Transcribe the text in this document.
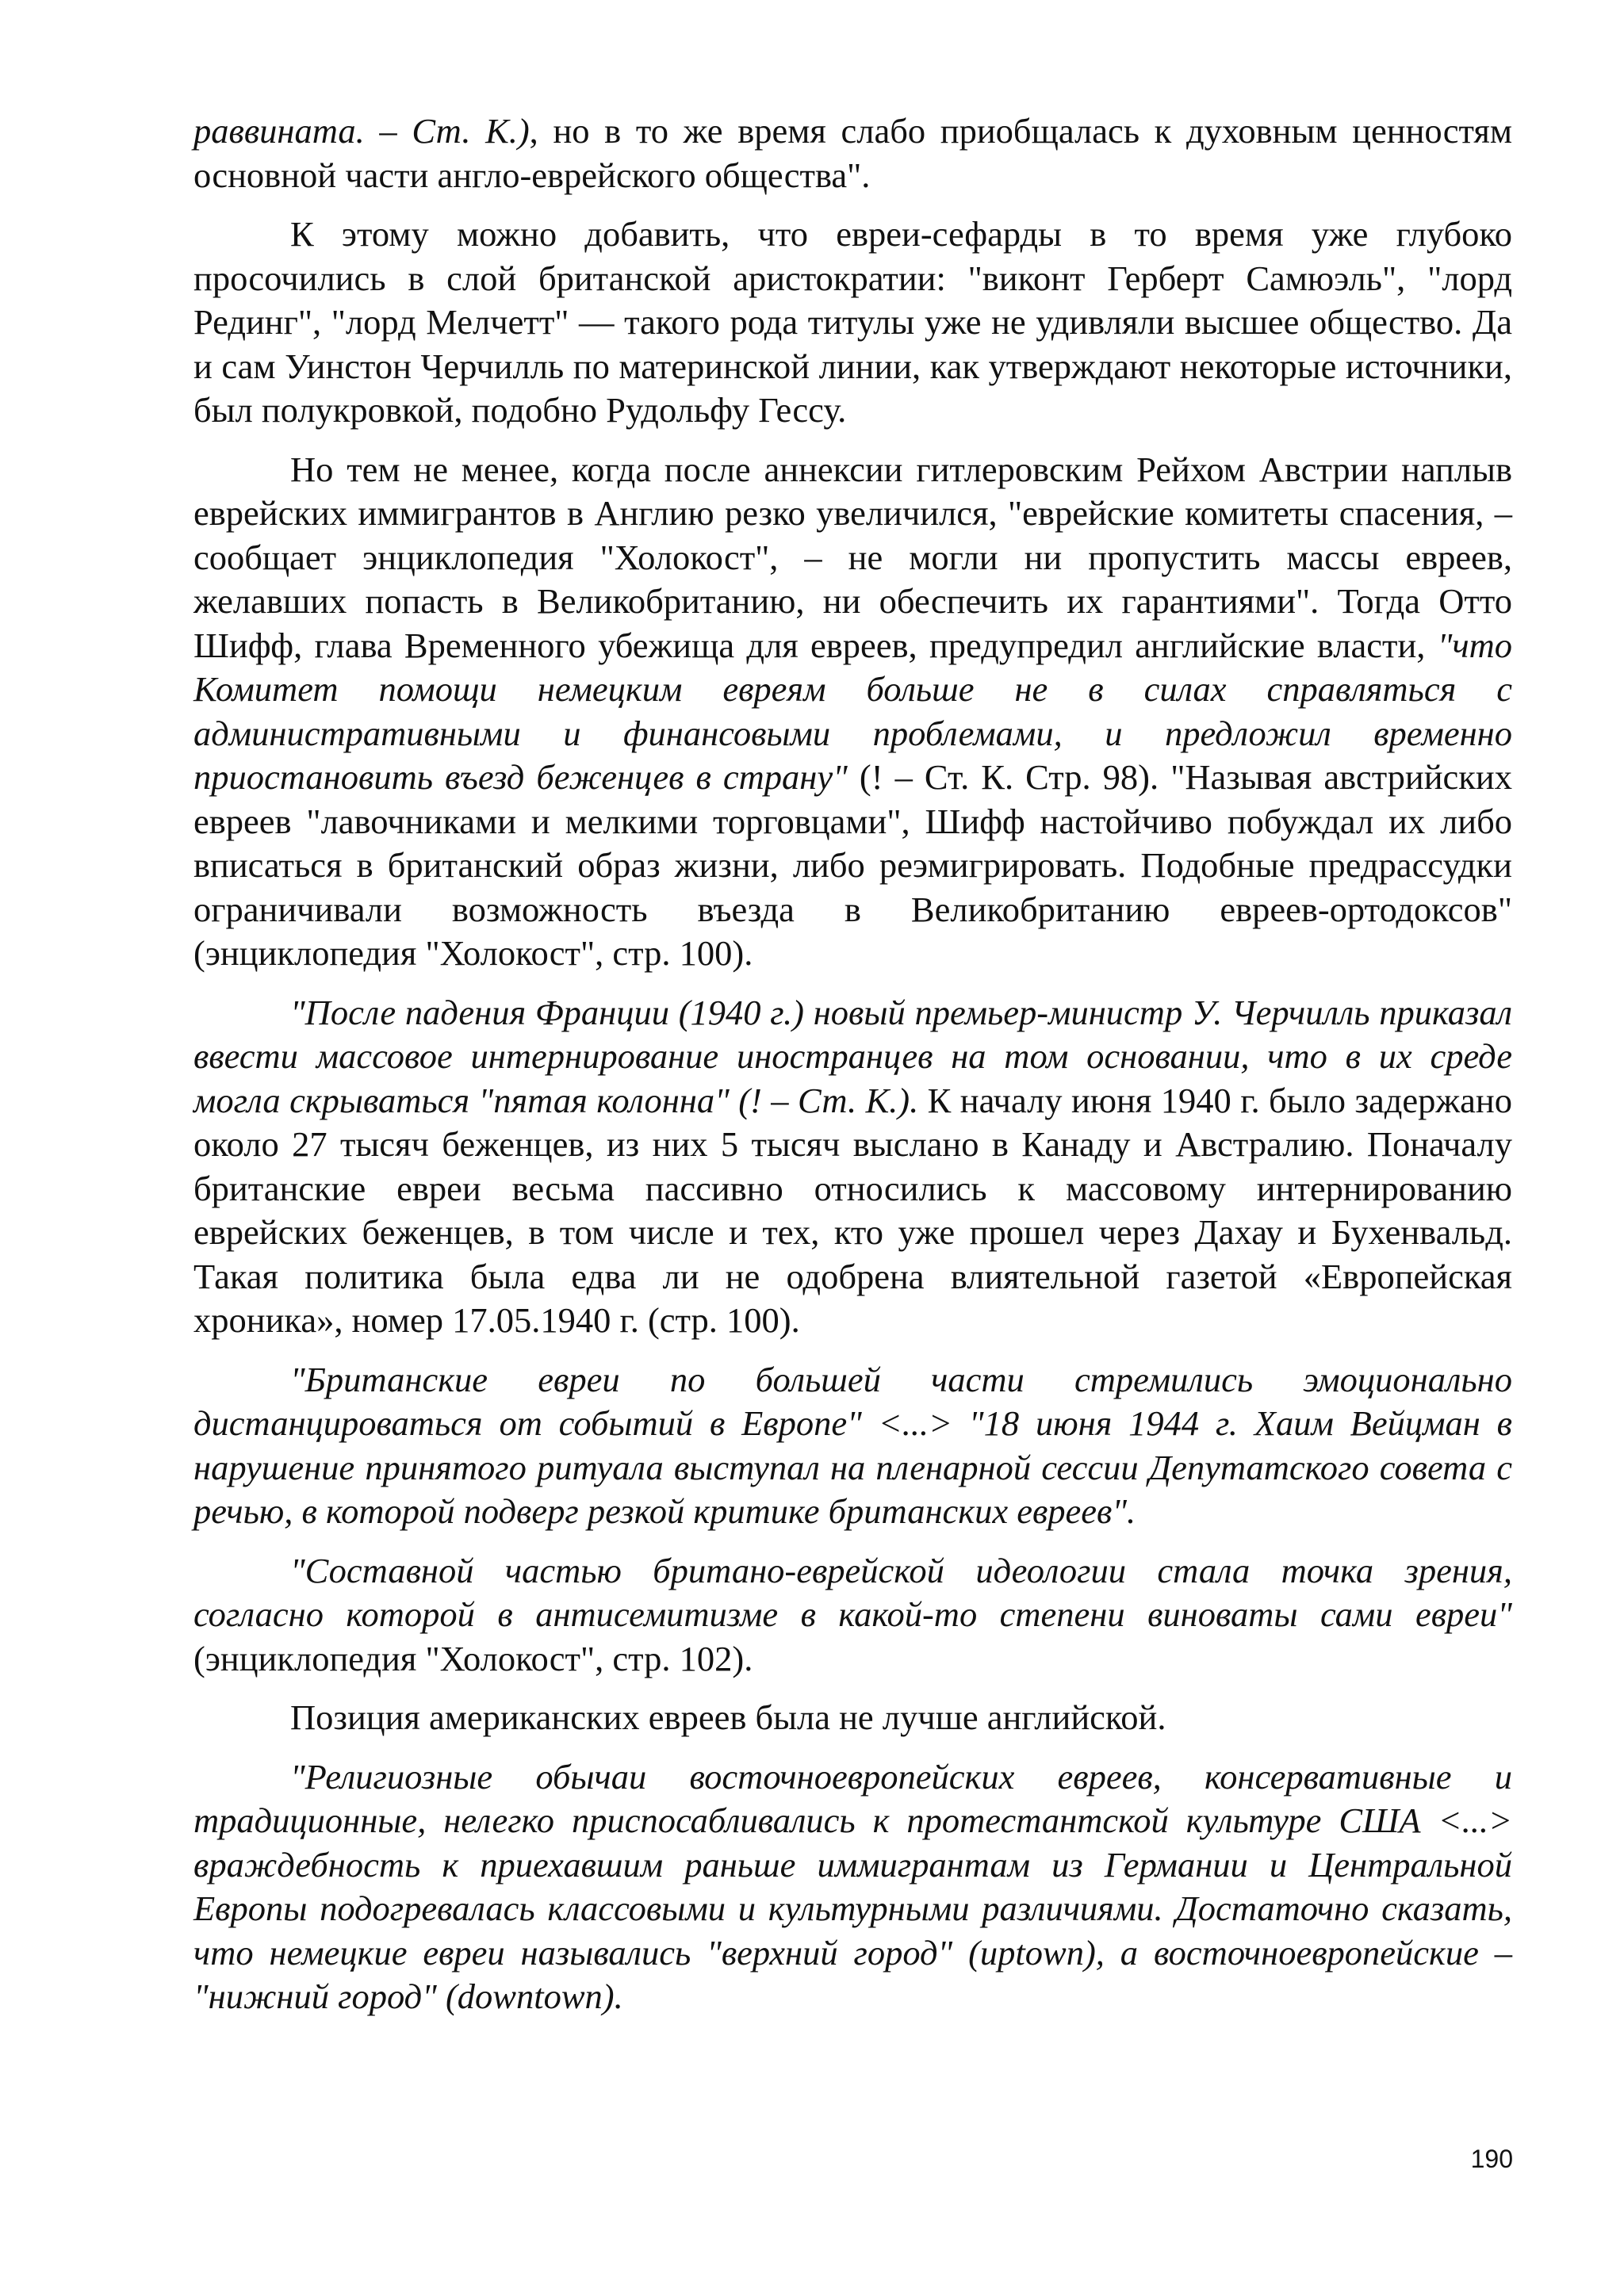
раввината. – Ст. К.), но в то же время слабо приобщалась к духовным ценностям основной части англо-еврейского общества".

К этому можно добавить, что евреи-сефарды в то время уже глубоко просочились в слой британской аристократии: "виконт Герберт Самюэль", "лорд Рединг", "лорд Мелчетт" — такого рода титулы уже не удивляли высшее общество. Да и сам Уинстон Черчилль по материнской линии, как утверждают некоторые источники, был полукровкой, подобно Рудольфу Гессу.

Но тем не менее, когда после аннексии гитлеровским Рейхом Австрии наплыв еврейских иммигрантов в Англию резко увеличился, "еврейские комитеты спасения, – сообщает энциклопедия "Холокост", – не могли ни пропустить массы евреев, желавших попасть в Великобританию, ни обеспечить их гарантиями". Тогда Отто Шифф, глава Временного убежища для евреев, предупредил английские власти, "что Комитет помощи немецким евреям больше не в силах справляться с административными и финансовыми проблемами, и предложил временно приостановить въезд беженцев в страну" (! – Ст. К. Стр. 98). "Называя австрийских евреев "лавочниками и мелкими торговцами", Шифф настойчиво побуждал их либо вписаться в британский образ жизни, либо реэмигрировать. Подобные предрассудки ограничивали возможность въезда в Великобританию евреев-ортодоксов" (энциклопедия "Холокост", стр. 100).

"После падения Франции (1940 г.) новый премьер-министр У. Черчилль приказал ввести массовое интернирование иностранцев на том основании, что в их среде могла скрываться "пятая колонна" (! – Ст. К.). К началу июня 1940 г. было задержано около 27 тысяч беженцев, из них 5 тысяч выслано в Канаду и Австралию. Поначалу британские евреи весьма пассивно относились к массовому интернированию еврейских беженцев, в том числе и тех, кто уже прошел через Дахау и Бухенвальд. Такая политика была едва ли не одобрена влиятельной газетой «Европейская хроника», номер 17.05.1940 г. (стр. 100).

"Британские евреи по большей части стремились эмоционально дистанцироваться от событий в Европе" <...> "18 июня 1944 г. Хаим Вейцман в нарушение принятого ритуала выступал на пленарной сессии Депутатского совета с речью, в которой подверг резкой критике британских евреев".

"Составной частью британо-еврейской идеологии стала точка зрения, согласно которой в антисемитизме в какой-то степени виноваты сами евреи" (энциклопедия "Холокост", стр. 102).

Позиция американских евреев была не лучше английской.

"Религиозные обычаи восточноевропейских евреев, консервативные и традиционные, нелегко приспосабливались к протестантской культуре США <...> враждебность к приехавшим раньше иммигрантам из Германии и Центральной Европы подогревалась классовыми и культурными различиями. Достаточно сказать, что немецкие евреи назывались "верхний город" (uptown), а восточноевропейские – "нижний город" (downtown).

190
